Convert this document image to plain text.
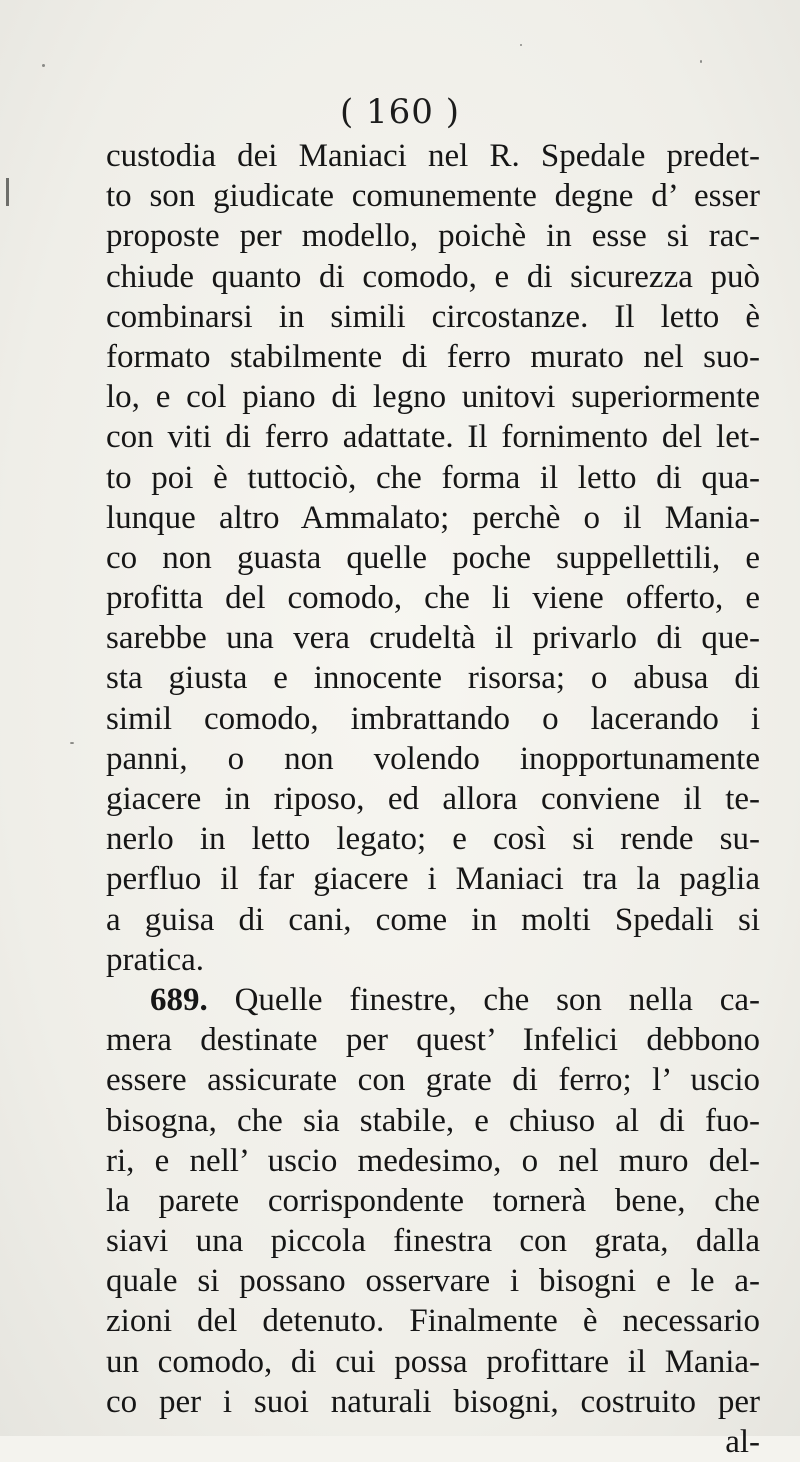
( 160 )
custodia dei Maniaci nel R. Spedale predet-
to son giudicate comunemente degne d’ esser
proposte per modello, poichè in esse si rac-
chiude quanto di comodo, e di sicurezza può
combinarsi in simili circostanze. Il letto è
formato stabilmente di ferro murato nel suo-
lo, e col piano di legno unitovi superiormente
con viti di ferro adattate. Il fornimento del let-
to poi è tuttociò, che forma il letto di qua-
lunque altro Ammalato; perchè o il Mania-
co non guasta quelle poche suppellettili, e
profitta del comodo, che li viene offerto, e
sarebbe una vera crudeltà il privarlo di que-
sta giusta e innocente risorsa; o abusa di
simil comodo, imbrattando o lacerando i
panni, o non volendo inopportunamente
giacere in riposo, ed allora conviene il te-
nerlo in letto legato; e così si rende su-
perfluo il far giacere i Maniaci tra la paglia
a guisa di cani, come in molti Spedali si
pratica.
689. Quelle finestre, che son nella ca-
mera destinate per quest’ Infelici debbono
essere assicurate con grate di ferro; l’ uscio
bisogna, che sia stabile, e chiuso al di fuo-
ri, e nell’ uscio medesimo, o nel muro del-
la parete corrispondente tornerà bene, che
siavi una piccola finestra con grata, dalla
quale si possano osservare i bisogni e le a-
zioni del detenuto. Finalmente è necessario
un comodo, di cui possa profittare il Mania-
co per i suoi naturali bisogni, costruito per
al-
